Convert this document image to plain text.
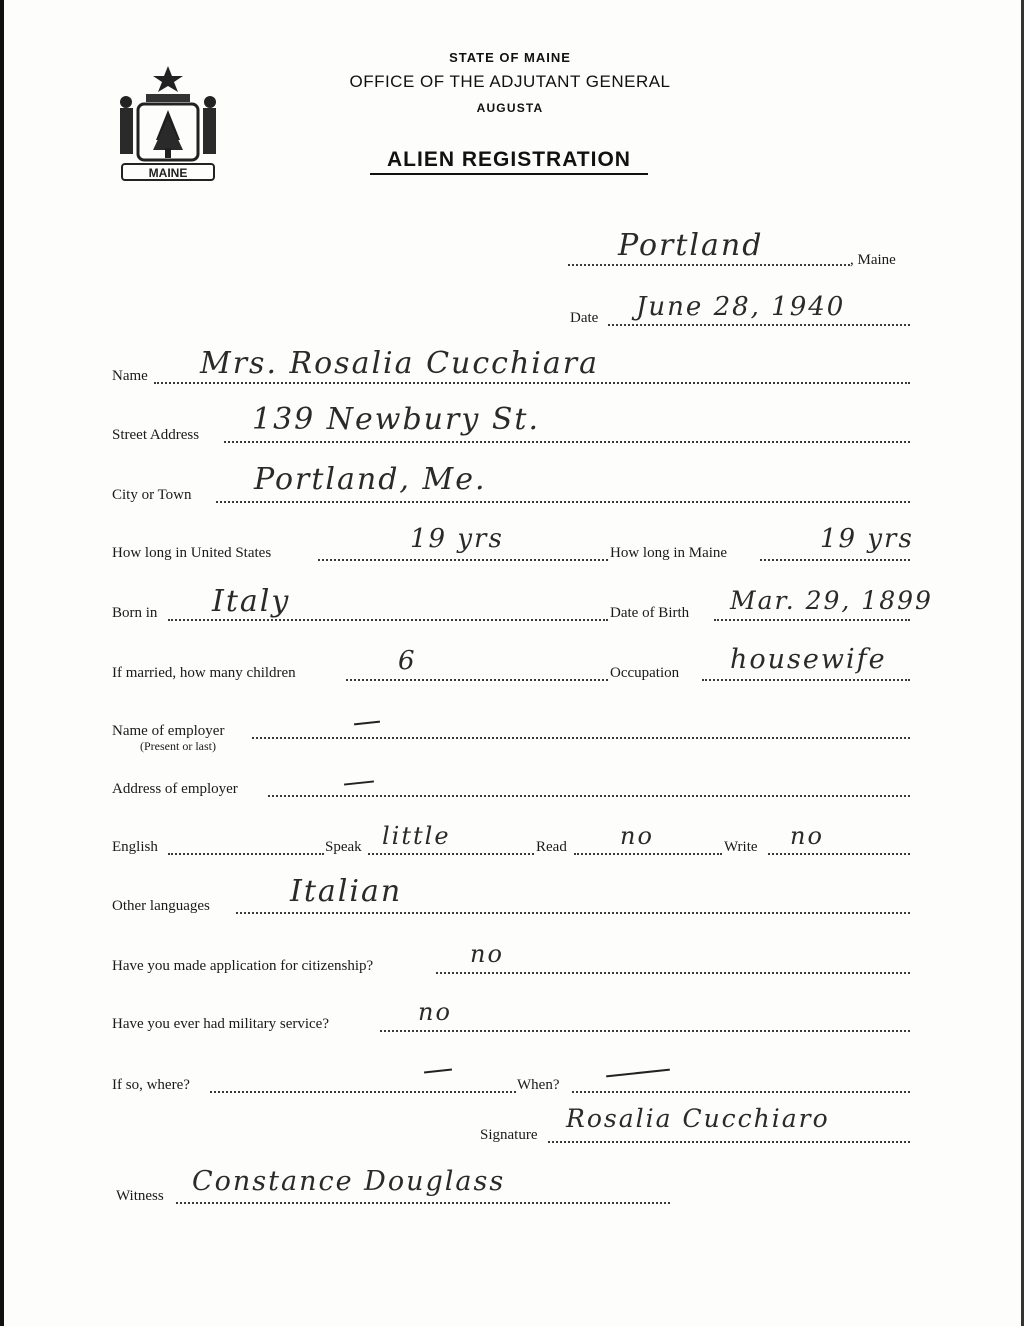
MAINE
STATE OF MAINE
OFFICE OF THE ADJUTANT GENERAL
AUGUSTA
ALIEN REGISTRATION
Portland	, Maine
Date June 28, 1940
Name Mrs. Rosalia Cucchiara
Street Address 139 Newbury St.
City or Town Portland, Me.
How long in United States	19 yrs	How long in Maine	19 yrs
Born in Italy	Date of Birth Mar. 29, 1899
If married, how many children	6	Occupation housewife
Name of employer
(Present or last)
Address of employer
English	Speak little	Read no	Write no
Other languages	Italian
Have you made application for citizenship?	no
Have you ever had military service?	no
If so, where?	When?
Signature
Rosalia Cucchiaro
Witness Constance Douglass
